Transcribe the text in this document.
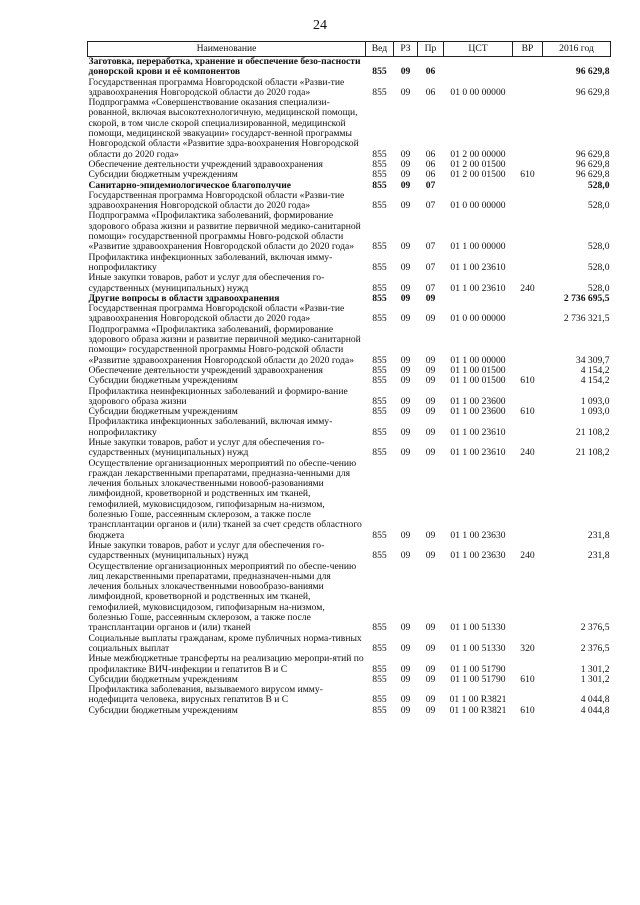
24
Наименование	Вед	РЗ	Пр	ЦСТ	ВР	2016 год
Заготовка, переработка, хранение и обеспечение безо-пасности донорской крови и её компонентов	855	09	06			96 629,8
Государственная программа Новгородской области «Разви-тие здравоохранения Новгородской области до 2020 года»	855	09	06	01 0 00 00000		96 629,8
Подпрограмма «Совершенствование оказания специализи-рованной, включая высокотехнологичную, медицинской помощи, скорой, в том числе скорой специализированной, медицинской помощи, медицинской эвакуации» государст-венной программы Новгородской области «Развитие здра-воохранения Новгородской области до 2020 года»	855	09	06	01 2 00 00000		96 629,8
Обеспечение деятельности учреждений здравоохранения	855	09	06	01 2 00 01500		96 629,8
Субсидии бюджетным учреждениям	855	09	06	01 2 00 01500	610	96 629,8
Санитарно-эпидемиологическое благополучие	855	09	07			528,0
Государственная программа Новгородской области «Разви-тие здравоохранения Новгородской области до 2020 года»	855	09	07	01 0 00 00000		528,0
Подпрограмма «Профилактика заболеваний, формирование здорового образа жизни и развитие первичной медико-санитарной помощи» государственной программы Новго-родской области «Развитие здравоохранения Новгородской области до 2020 года»	855	09	07	01 1 00 00000		528,0
Профилактика инфекционных заболеваний, включая имму-нопрофилактику	855	09	07	01 1 00 23610		528,0
Иные закупки товаров, работ и услуг для обеспечения го-сударственных (муниципальных) нужд	855	09	07	01 1 00 23610	240	528,0
Другие вопросы в области здравоохранения	855	09	09			2 736 695,5
Государственная программа Новгородской области «Разви-тие здравоохранения Новгородской области до 2020 года»	855	09	09	01 0 00 00000		2 736 321,5
Подпрограмма «Профилактика заболеваний, формирование здорового образа жизни и развитие первичной медико-санитарной помощи» государственной программы Новго-родской области «Развитие здравоохранения Новгородской области до 2020 года»	855	09	09	01 1 00 00000		34 309,7
Обеспечение деятельности учреждений здравоохранения	855	09	09	01 1 00 01500		4 154,2
Субсидии бюджетным учреждениям	855	09	09	01 1 00 01500	610	4 154,2
Профилактика неинфекционных заболеваний и формиро-вание здорового образа жизни	855	09	09	01 1 00 23600		1 093,0
Субсидии бюджетным учреждениям	855	09	09	01 1 00 23600	610	1 093,0
Профилактика инфекционных заболеваний, включая имму-нопрофилактику	855	09	09	01 1 00 23610		21 108,2
Иные закупки товаров, работ и услуг для обеспечения го-сударственных (муниципальных) нужд	855	09	09	01 1 00 23610	240	21 108,2
Осуществление организационных мероприятий по обеспе-чению граждан лекарственными препаратами, предназна-ченными для лечения больных злокачественными новооб-разованиями лимфоидной, кроветворной и родственных им тканей, гемофилией, муковисцидозом, гипофизарным на-низмом, болезнью Гоше, рассеянным склерозом, а также после трансплантации органов и (или) тканей за счет средств областного бюджета	855	09	09	01 1 00 23630		231,8
Иные закупки товаров, работ и услуг для обеспечения го-сударственных (муниципальных) нужд	855	09	09	01 1 00 23630	240	231,8
Осуществление организационных мероприятий по обеспе-чению лиц лекарственными препаратами, предназначен-ными для лечения больных злокачественными новообразо-ваниями лимфоидной, кроветворной и родственных им тканей, гемофилией, муковисцидозом, гипофизарным на-низмом, болезнью Гоше, рассеянным склерозом, а также после трансплантации органов и (или) тканей	855	09	09	01 1 00 51330		2 376,5
Социальные выплаты гражданам, кроме публичных норма-тивных социальных выплат	855	09	09	01 1 00 51330	320	2 376,5
Иные межбюджетные трансферты на реализацию меропри-ятий по профилактике ВИЧ-инфекции и гепатитов В и С	855	09	09	01 1 00 51790		1 301,2
Субсидии бюджетным учреждениям	855	09	09	01 1 00 51790	610	1 301,2
Профилактика заболевания, вызываемого вирусом имму-нодефицита человека, вирусных гепатитов В и С	855	09	09	01 1 00 R3821		4 044,8
Субсидии бюджетным учреждениям	855	09	09	01 1 00 R3821	610	4 044,8
